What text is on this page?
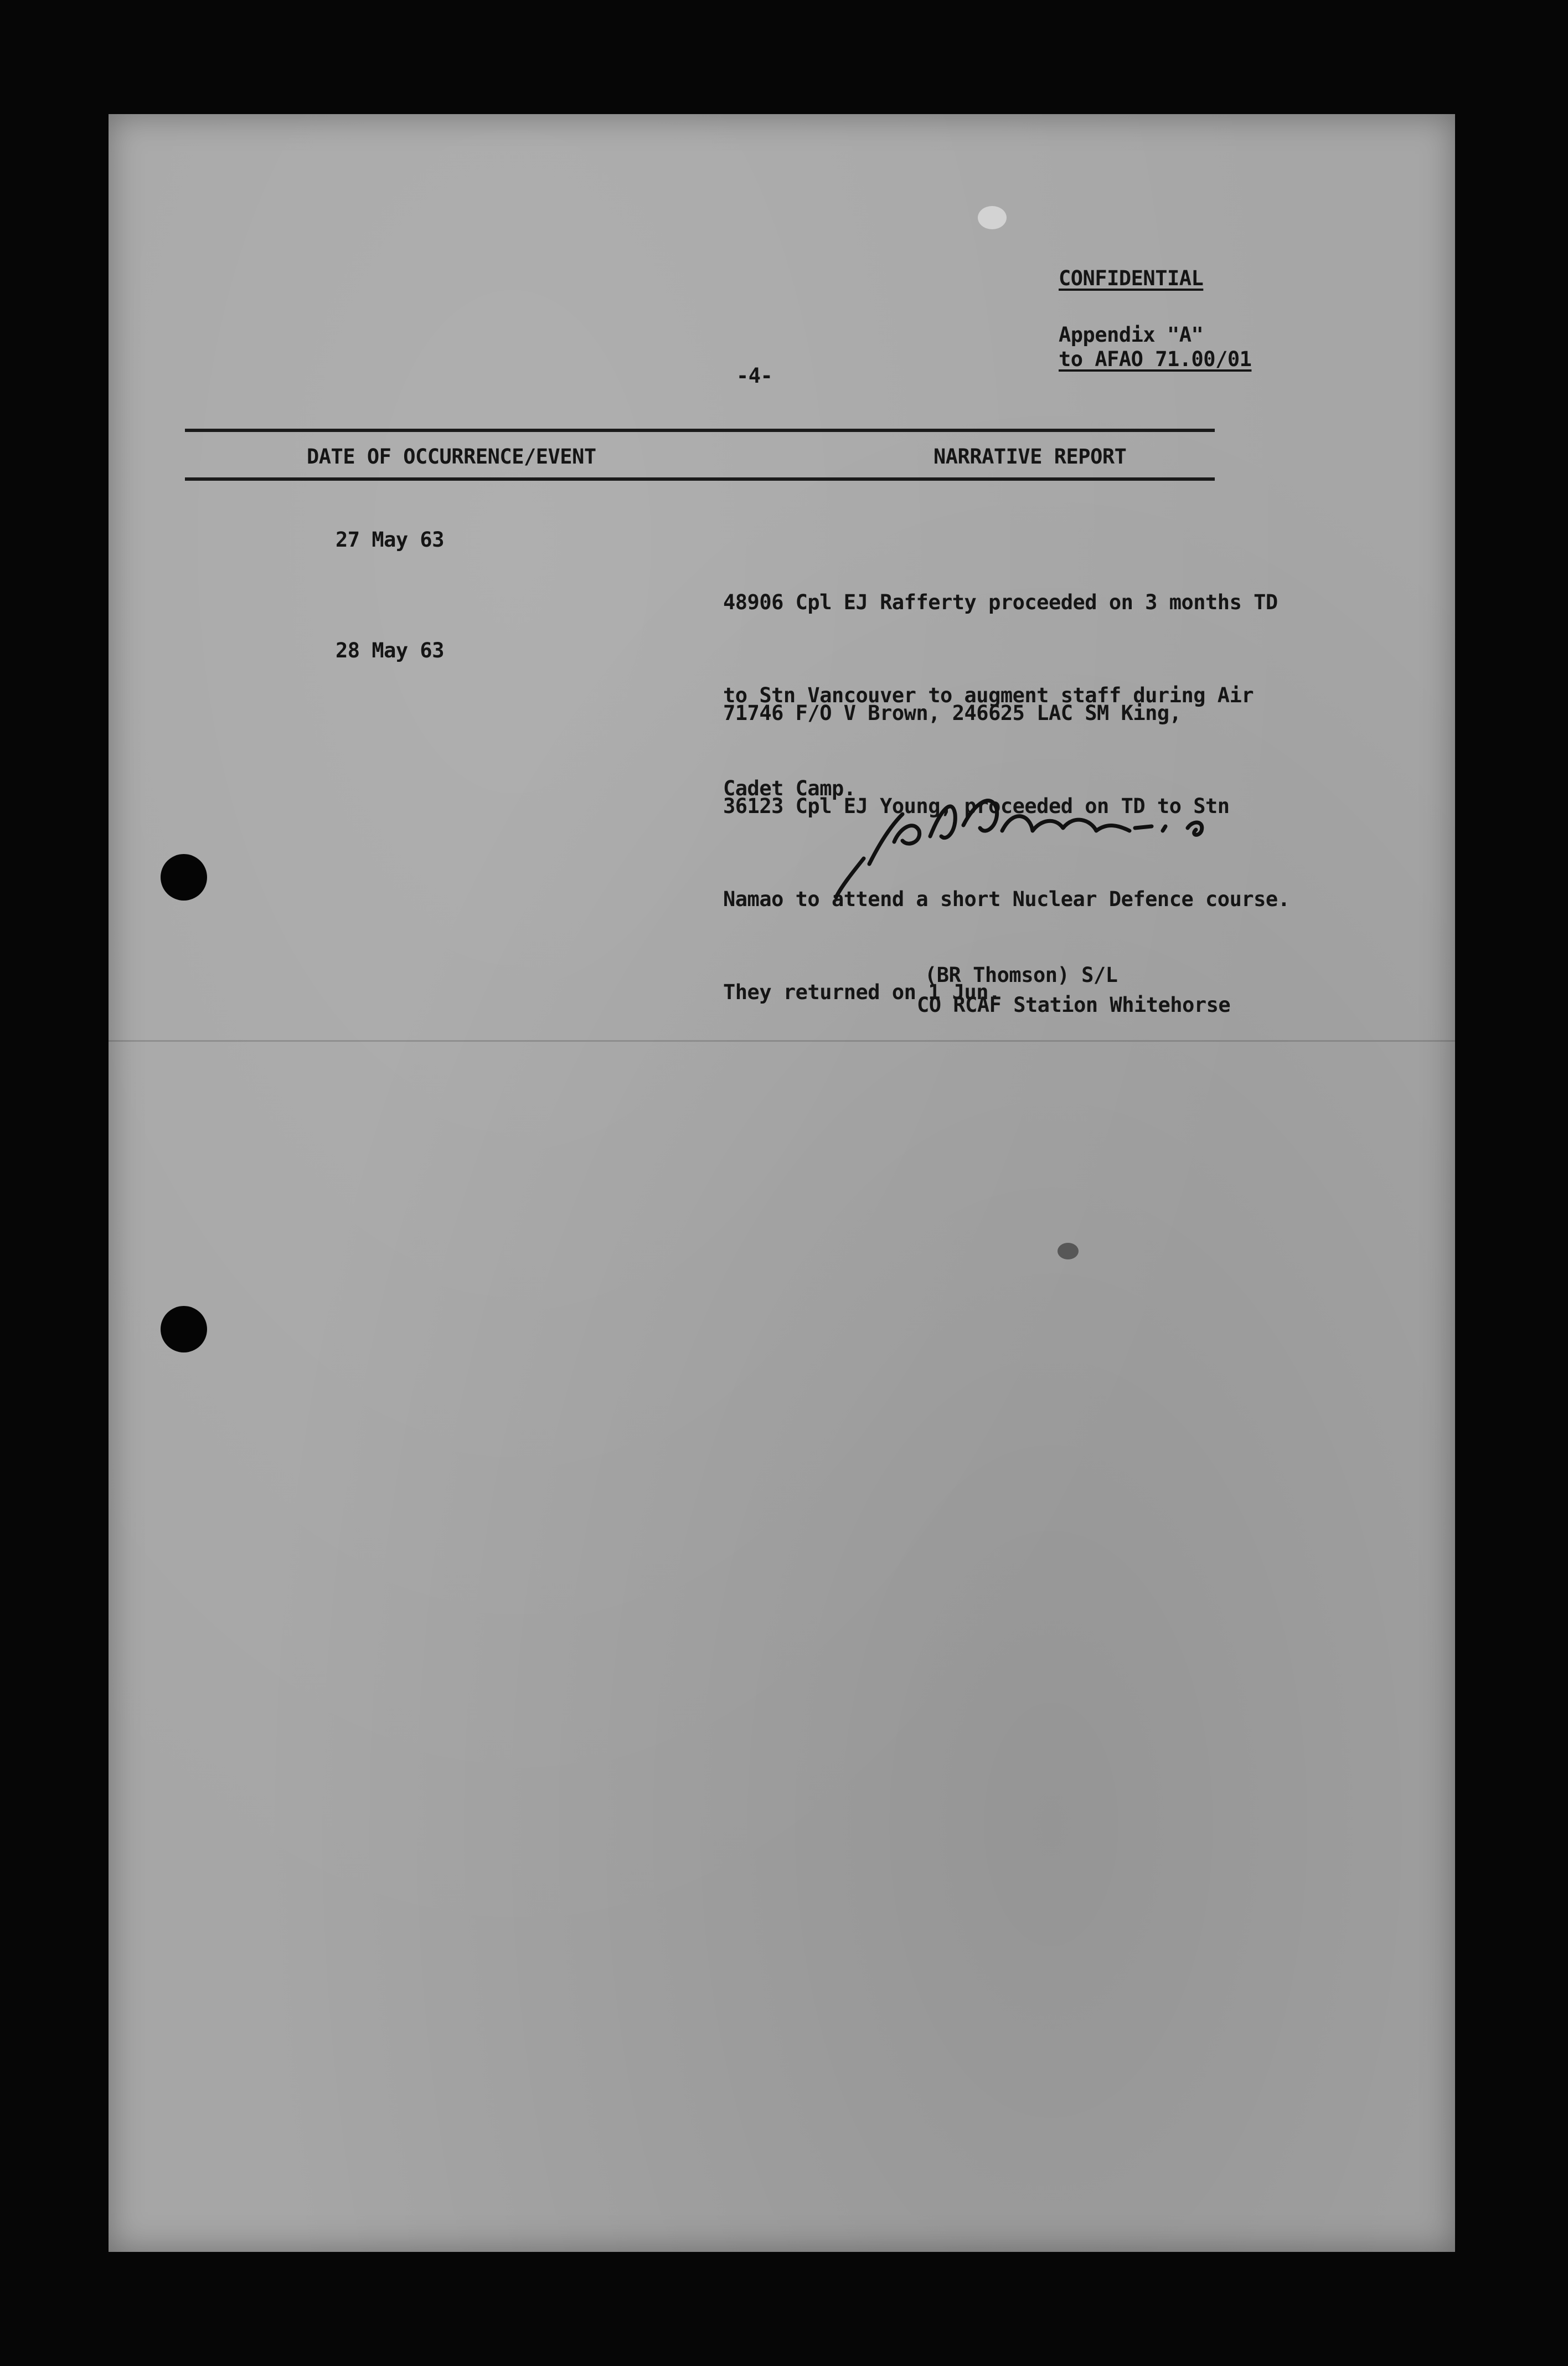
-4-
CONFIDENTIAL
Appendix "A"
to AFAO 71.00/01
DATE OF OCCURRENCE/EVENT	NARRATIVE REPORT
27 May 63

48906 Cpl EJ Rafferty proceeded on 3 months TD

to Stn Vancouver to augment staff during Air

Cadet Camp.

28 May 63

71746 F/O V Brown, 246625 LAC SM King,

36123 Cpl EJ Young, proceeded on TD to Stn

Namao to attend a short Nuclear Defence course.

They returned on 1 Jun.

(BR Thomson) S/L
CO RCAF Station Whitehorse
